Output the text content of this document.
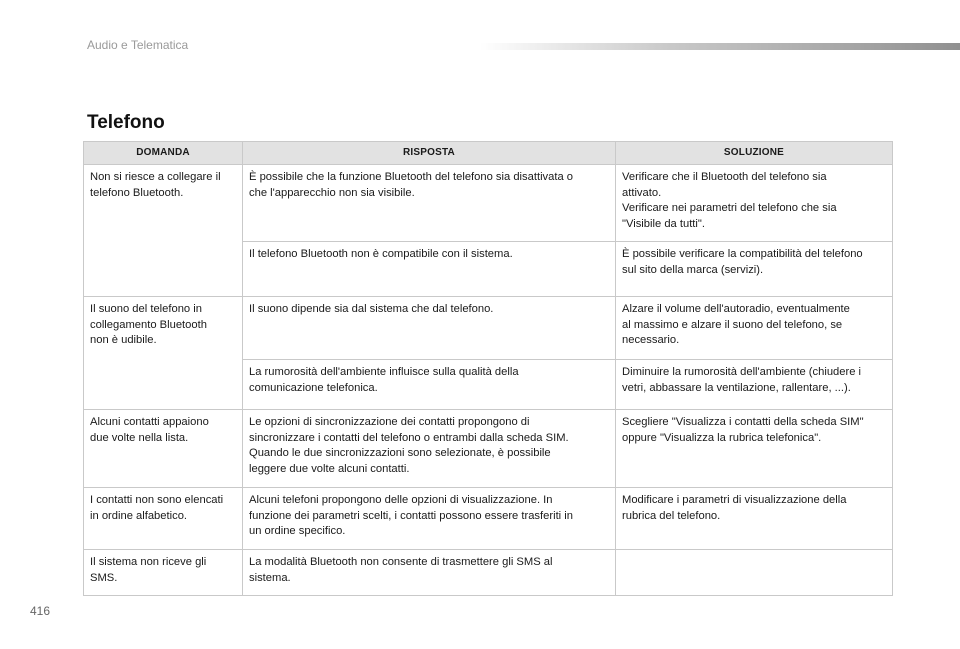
Audio e Telematica
Telefono
DOMANDA	RISPOSTA	SOLUZIONE
Non si riesce a collegare il
telefono Bluetooth.	È possibile che la funzione Bluetooth del telefono sia disattivata o
che l'apparecchio non sia visibile.	Verificare che il Bluetooth del telefono sia
attivato.
Verificare nei parametri del telefono che sia
"Visibile da tutti".
	Il telefono Bluetooth non è compatibile con il sistema.	È possibile verificare la compatibilità del telefono
sul sito della marca (servizi).
Il suono del telefono in
collegamento Bluetooth
non è udibile.	Il suono dipende sia dal sistema che dal telefono.	Alzare il volume dell'autoradio, eventualmente
al massimo e alzare il suono del telefono, se
necessario.
	La rumorosità dell'ambiente influisce sulla qualità della
comunicazione telefonica.	Diminuire la rumorosità dell'ambiente (chiudere i
vetri, abbassare la ventilazione, rallentare, ...).
Alcuni contatti appaiono
due volte nella lista.	Le opzioni di sincronizzazione dei contatti propongono di
sincronizzare i contatti del telefono o entrambi dalla scheda SIM.
Quando le due sincronizzazioni sono selezionate, è possibile
leggere due volte alcuni contatti.	Scegliere "Visualizza i contatti della scheda SIM"
oppure "Visualizza la rubrica telefonica".
I contatti non sono elencati
in ordine alfabetico.	Alcuni telefoni propongono delle opzioni di visualizzazione. In
funzione dei parametri scelti, i contatti possono essere trasferiti in
un ordine specifico.	Modificare i parametri di visualizzazione della
rubrica del telefono.
Il sistema non riceve gli
SMS.	La modalità Bluetooth non consente di trasmettere gli SMS al
sistema.	
416
